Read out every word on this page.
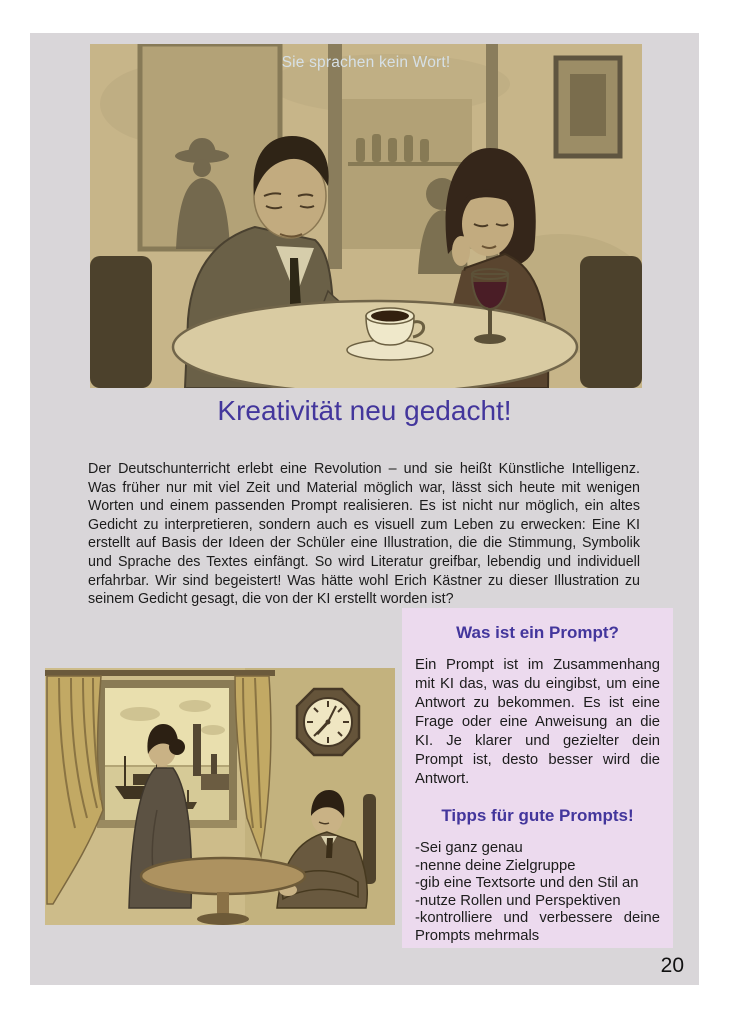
Sie sprachen kein Wort!
Kreativität neu gedacht!
Der Deutschunterricht erlebt eine Revolution – und sie heißt Künstliche Intelligenz. Was früher nur mit viel Zeit und Material möglich war, lässt sich heute mit wenigen Worten und einem passenden Prompt realisieren. Es ist nicht nur möglich, ein altes Gedicht zu interpretieren, sondern auch es visuell zum Leben zu erwecken: Eine KI erstellt auf Basis der Ideen der Schüler eine Illustration, die die Stimmung, Symbolik und Sprache des Textes einfängt. So wird Literatur greifbar, lebendig und individuell erfahrbar. Wir sind begeistert! Was hätte wohl Erich Kästner zu dieser Illustration zu seinem Gedicht gesagt, die von der KI erstellt worden ist?
Was ist ein Prompt?
Ein Prompt ist im Zusammenhang mit KI das, was du eingibst, um eine Antwort zu bekommen. Es ist eine Frage oder eine Anweisung an die KI. Je klarer und gezielter dein Prompt ist, desto besser wird die Antwort.
Tipps für gute Prompts!
-Sei ganz genau
-nenne deine Zielgruppe
-gib eine Textsorte und den Stil an
-nutze Rollen und Perspektiven
-kontrolliere und verbessere deine Prompts mehrmals
20
